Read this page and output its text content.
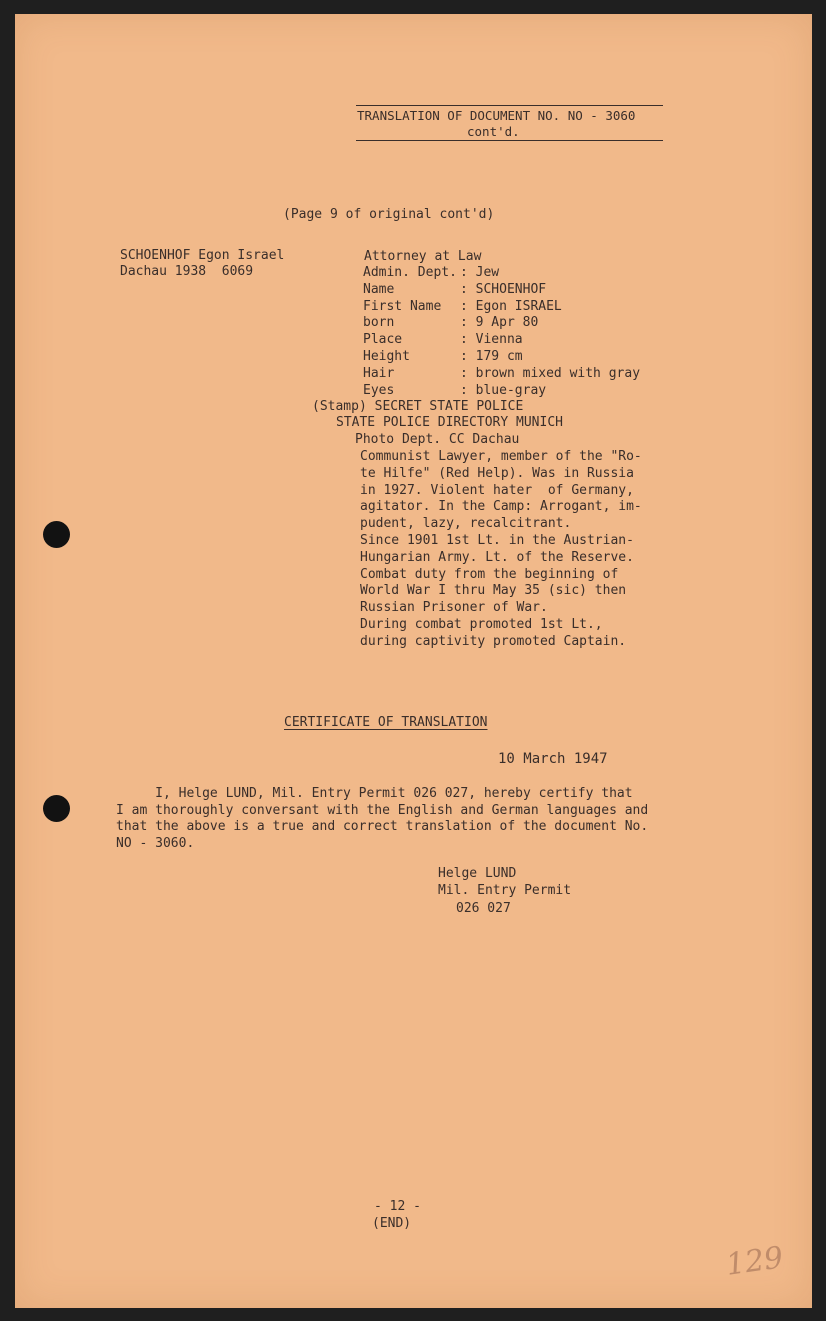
TRANSLATION OF DOCUMENT NO. NO - 3060
cont'd.
(Page 9 of original cont'd)
SCHOENHOF Egon Israel
Dachau 1938  6069
Attorney at Law
Admin. Dept. : Jew
Name	: SCHOENHOF
First Name : Egon ISRAEL
born	: 9 Apr 80
Place	: Vienna
Height	: 179 cm
Hair	: brown mixed with gray
Eyes	: blue-gray
(Stamp) SECRET STATE POLICE
STATE POLICE DIRECTORY MUNICH
Photo Dept. CC Dachau
Communist Lawyer, member of the "Ro-
te Hilfe" (Red Help). Was in Russia
in 1927. Violent hater  of Germany,
agitator. In the Camp: Arrogant, im-
pudent, lazy, recalcitrant.
Since 1901 1st Lt. in the Austrian-
Hungarian Army. Lt. of the Reserve.
Combat duty from the beginning of
World War I thru May 35 (sic) then
Russian Prisoner of War.
During combat promoted 1st Lt.,
during captivity promoted Captain.
CERTIFICATE OF TRANSLATION
10 March 1947
I, Helge LUND, Mil. Entry Permit 026 027, hereby certify that
I am thoroughly conversant with the English and German languages and
that the above is a true and correct translation of the document No.
NO - 3060.
Helge LUND
Mil. Entry Permit
026 027
- 12 -
(END)
129
